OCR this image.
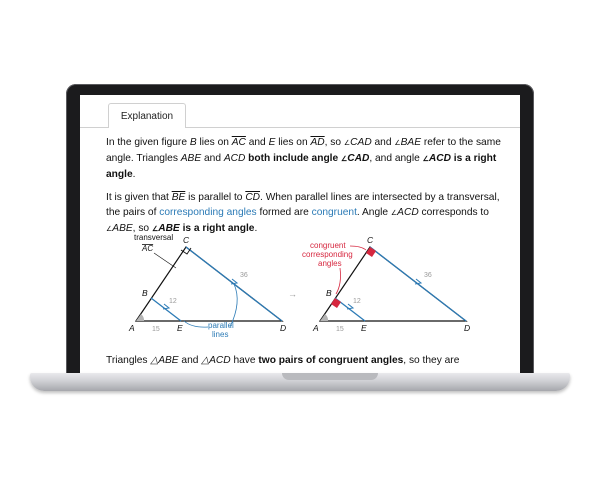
Explanation

In the given figure B lies on $\overline{AC}$ and E lies on $\overline{AD}$, so ∠CAD and ∠BAE refer to the same angle. Triangles ABE and ACD both include angle ∠CAD, and angle ∠ACD is a right angle.

It is given that $\overline{BE}$ is parallel to $\overline{CD}$. When parallel lines are intersected by a transversal, the pairs of corresponding angles formed are congruent. Angle ∠ACD corresponds to ∠ABE, so ∠ABE is a right angle.

transversal
AC
C
B
A	E	D
36
12
15	parallel
lines
→
C
B
A	E	D
36
12
15
congruent
corresponding
angles
Triangles △ABE and △ACD have two pairs of congruent angles, so they are
